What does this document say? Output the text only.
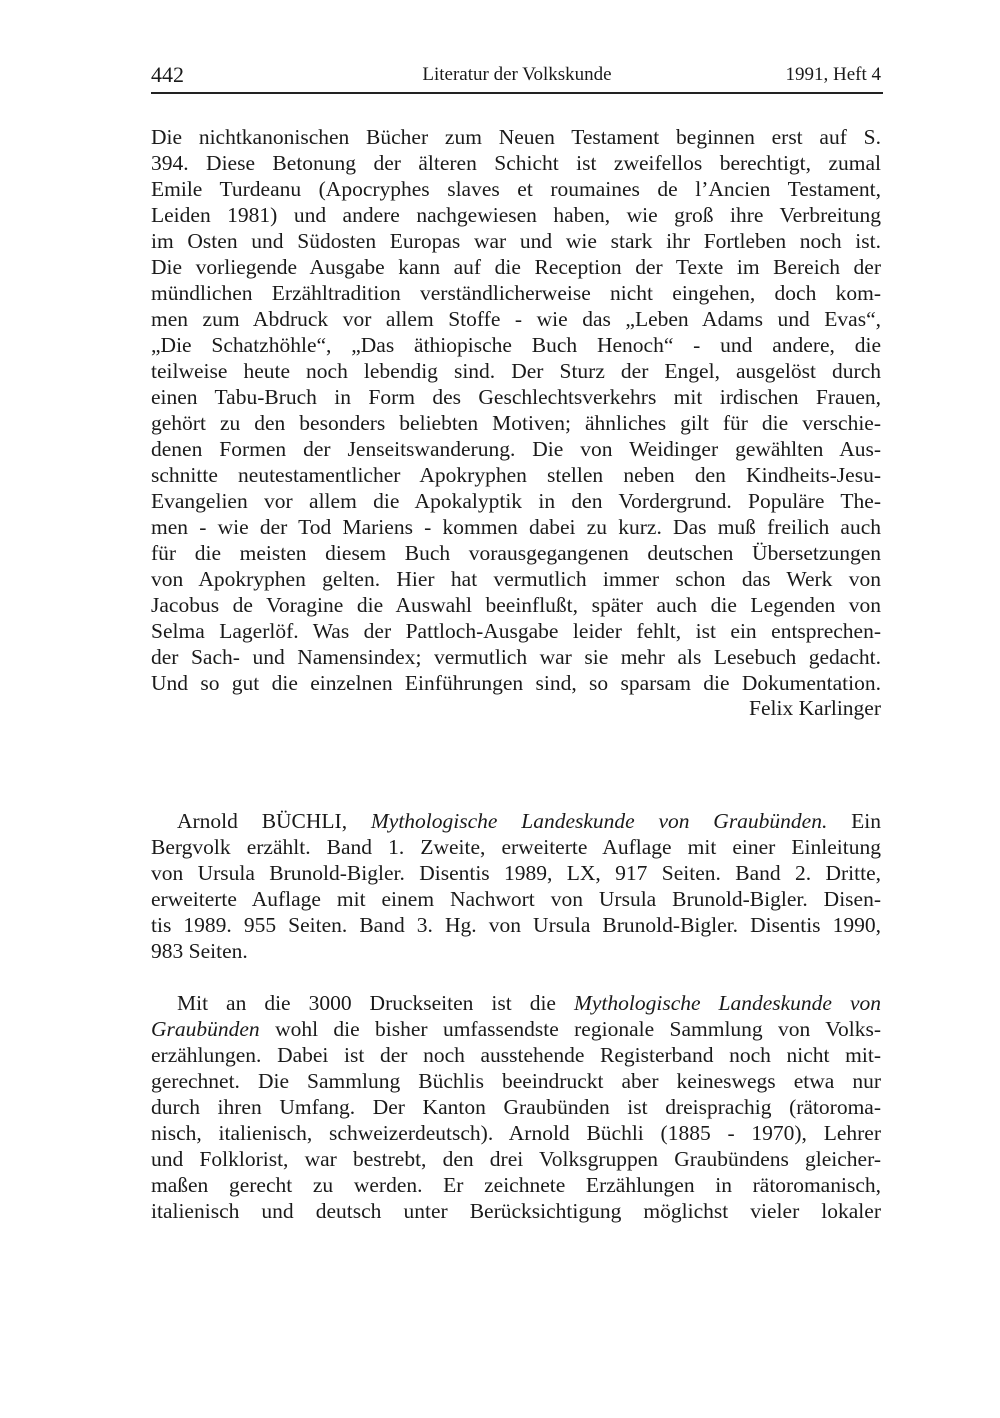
442	Literatur der Volkskunde	1991, Heft 4
Die nichtkanonischen Bücher zum Neuen Testament beginnen erst auf S.
394. Diese Betonung der älteren Schicht ist zweifellos berechtigt, zumal
Emile Turdeanu (Apocryphes slaves et roumaines de l’Ancien Testament,
Leiden 1981) und andere nachgewiesen haben, wie groß ihre Verbreitung
im Osten und Südosten Europas war und wie stark ihr Fortleben noch ist.
Die vorliegende Ausgabe kann auf die Reception der Texte im Bereich der
mündlichen Erzähltradition verständlicherweise nicht eingehen, doch kom-
men zum Abdruck vor allem Stoffe - wie das „Leben Adams und Evas“,
„Die Schatzhöhle“, „Das äthiopische Buch Henoch“ - und andere, die
teilweise heute noch lebendig sind. Der Sturz der Engel, ausgelöst durch
einen Tabu-Bruch in Form des Geschlechtsverkehrs mit irdischen Frauen,
gehört zu den besonders beliebten Motiven; ähnliches gilt für die verschie-
denen Formen der Jenseitswanderung. Die von Weidinger gewählten Aus-
schnitte neutestamentlicher Apokryphen stellen neben den Kindheits-Jesu-
Evangelien vor allem die Apokalyptik in den Vordergrund. Populäre The-
men - wie der Tod Mariens - kommen dabei zu kurz. Das muß freilich auch
für die meisten diesem Buch vorausgegangenen deutschen Übersetzungen
von Apokryphen gelten. Hier hat vermutlich immer schon das Werk von
Jacobus de Voragine die Auswahl beeinflußt, später auch die Legenden von
Selma Lagerlöf. Was der Pattloch-Ausgabe leider fehlt, ist ein entsprechen-
der Sach- und Namensindex; vermutlich war sie mehr als Lesebuch gedacht.
Und so gut die einzelnen Einführungen sind, so sparsam die Dokumentation.
Felix Karlinger
Arnold BÜCHLI, Mythologische Landeskunde von Graubünden. Ein
Bergvolk erzählt. Band 1. Zweite, erweiterte Auflage mit einer Einleitung
von Ursula Brunold-Bigler. Disentis 1989, LX, 917 Seiten. Band 2. Dritte,
erweiterte Auflage mit einem Nachwort von Ursula Brunold-Bigler. Disen-
tis 1989. 955 Seiten. Band 3. Hg. von Ursula Brunold-Bigler. Disentis 1990,
983 Seiten.
Mit an die 3000 Druckseiten ist die Mythologische Landeskunde von
Graubünden wohl die bisher umfassendste regionale Sammlung von Volks-
erzählungen. Dabei ist der noch ausstehende Registerband noch nicht mit-
gerechnet. Die Sammlung Büchlis beeindruckt aber keineswegs etwa nur
durch ihren Umfang. Der Kanton Graubünden ist dreisprachig (rätoroma-
nisch, italienisch, schweizerdeutsch). Arnold Büchli (1885 - 1970), Lehrer
und Folklorist, war bestrebt, den drei Volksgruppen Graubündens gleicher-
maßen gerecht zu werden. Er zeichnete Erzählungen in rätoromanisch,
italienisch und deutsch unter Berücksichtigung möglichst vieler lokaler
